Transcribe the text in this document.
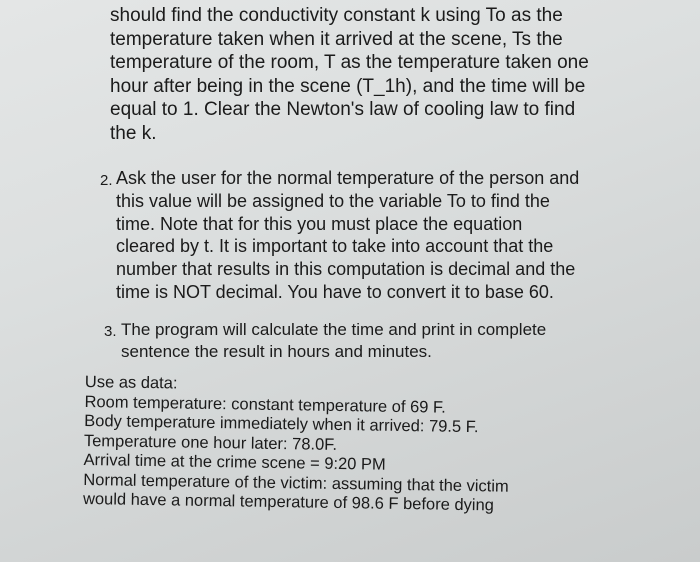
should find the conductivity constant k using To as the
temperature taken when it arrived at the scene, Ts the
temperature of the room, T as the temperature taken one
hour after being in the scene (T_1h), and the time will be
equal to 1. Clear the Newton's law of cooling law to find
the k.
2. Ask the user for the normal temperature of the person and
this value will be assigned to the variable To to find the
time. Note that for this you must place the equation
cleared by t. It is important to take into account that the
number that results in this computation is decimal and the
time is NOT decimal. You have to convert it to base 60.
3. The program will calculate the time and print in complete
sentence the result in hours and minutes.
Use as data:
Room temperature: constant temperature of 69 F.
Body temperature immediately when it arrived: 79.5 F.
Temperature one hour later: 78.0F.
Arrival time at the crime scene = 9:20 PM
Normal temperature of the victim: assuming that the victim
would have a normal temperature of 98.6 F before dying
